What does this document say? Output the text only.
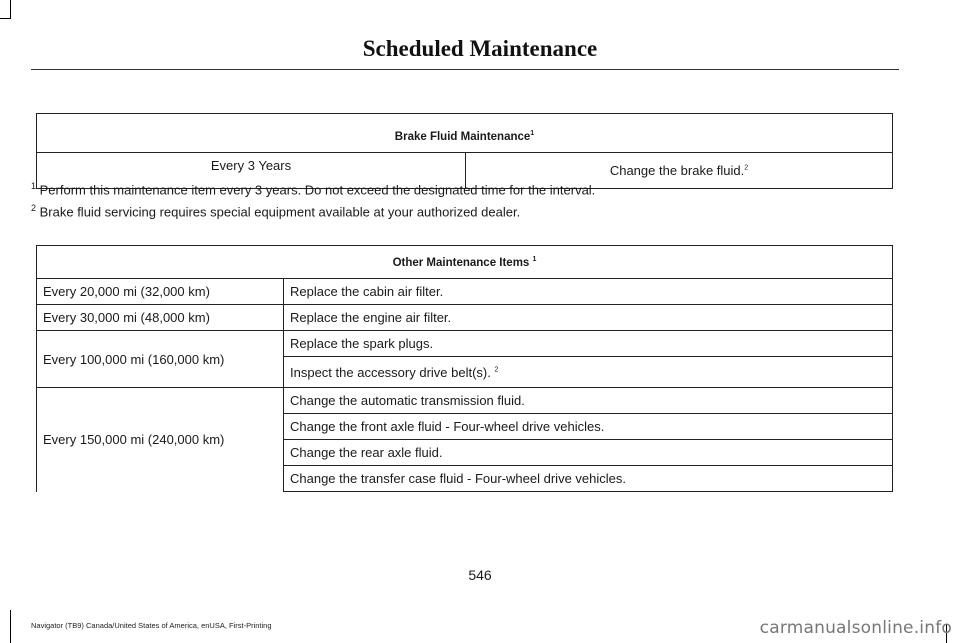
Scheduled Maintenance
Brake Fluid Maintenance$^1$
Every 3 Years	Change the brake fluid.$^2$
$^1$ Perform this maintenance item every 3 years. Do not exceed the designated time for the interval.
$^2$ Brake fluid servicing requires special equipment available at your authorized dealer.
Other Maintenance Items $^1$
Every 20,000 mi (32,000 km)	Replace the cabin air filter.
Every 30,000 mi (48,000 km)	Replace the engine air filter.
Every 100,000 mi (160,000 km)	Replace the spark plugs.
	Inspect the accessory drive belt(s). $^2$
Every 150,000 mi (240,000 km)	Change the automatic transmission fluid.
	Change the front axle fluid - Four-wheel drive vehicles.
	Change the rear axle fluid.
	Change the transfer case fluid - Four-wheel drive vehicles.
546
Navigator (TB9) Canada/United States of America, enUSA, First-Printing	carmanualsonline.info
